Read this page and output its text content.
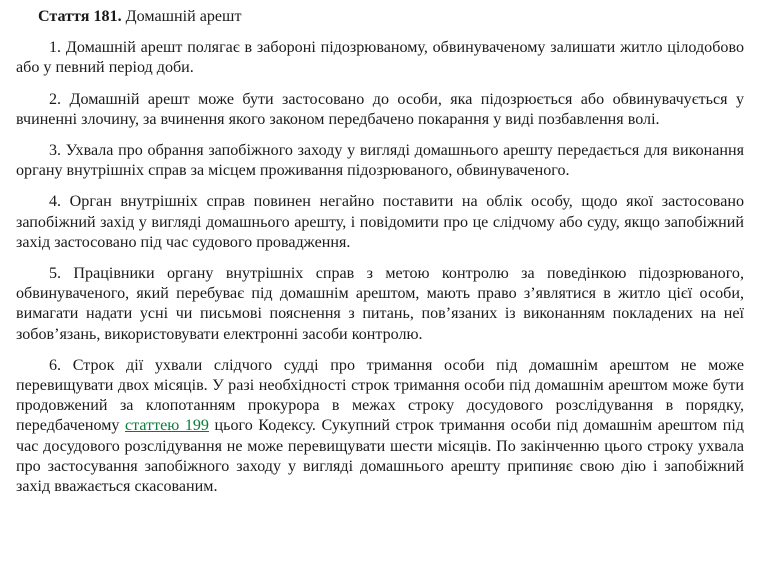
Стаття 181. Домашній арешт

1. Домашній арешт полягає в забороні підозрюваному, обвинуваченому залишати житло цілодобово або у певний період доби.

2. Домашній арешт може бути застосовано до особи, яка підозрюється або обвинувачується у вчиненні злочину, за вчинення якого законом передбачено покарання у виді позбавлення волі.

3. Ухвала про обрання запобіжного заходу у вигляді домашнього арешту передається для виконання органу внутрішніх справ за місцем проживання підозрюваного, обвинуваченого.

4. Орган внутрішніх справ повинен негайно поставити на облік особу, щодо якої застосовано запобіжний захід у вигляді домашнього арешту, і повідомити про це слідчому або суду, якщо запобіжний захід застосовано під час судового провадження.

5. Працівники органу внутрішніх справ з метою контролю за поведінкою підозрюваного, обвинуваченого, який перебуває під домашнім арештом, мають право з’являтися в житло цієї особи, вимагати надати усні чи письмові пояснення з питань, пов’язаних із виконанням покладених на неї зобов’язань, використовувати електронні засоби контролю.

6. Строк дії ухвали слідчого судді про тримання особи під домашнім арештом не може перевищувати двох місяців. У разі необхідності строк тримання особи під домашнім арештом може бути продовжений за клопотанням прокурора в межах строку досудового розслідування в порядку, передбаченому статтею 199 цього Кодексу. Сукупний строк тримання особи під домашнім арештом під час досудового розслідування не може перевищувати шести місяців. По закінченню цього строку ухвала про застосування запобіжного заходу у вигляді домашнього арешту припиняє свою дію і запобіжний захід вважається скасованим.
